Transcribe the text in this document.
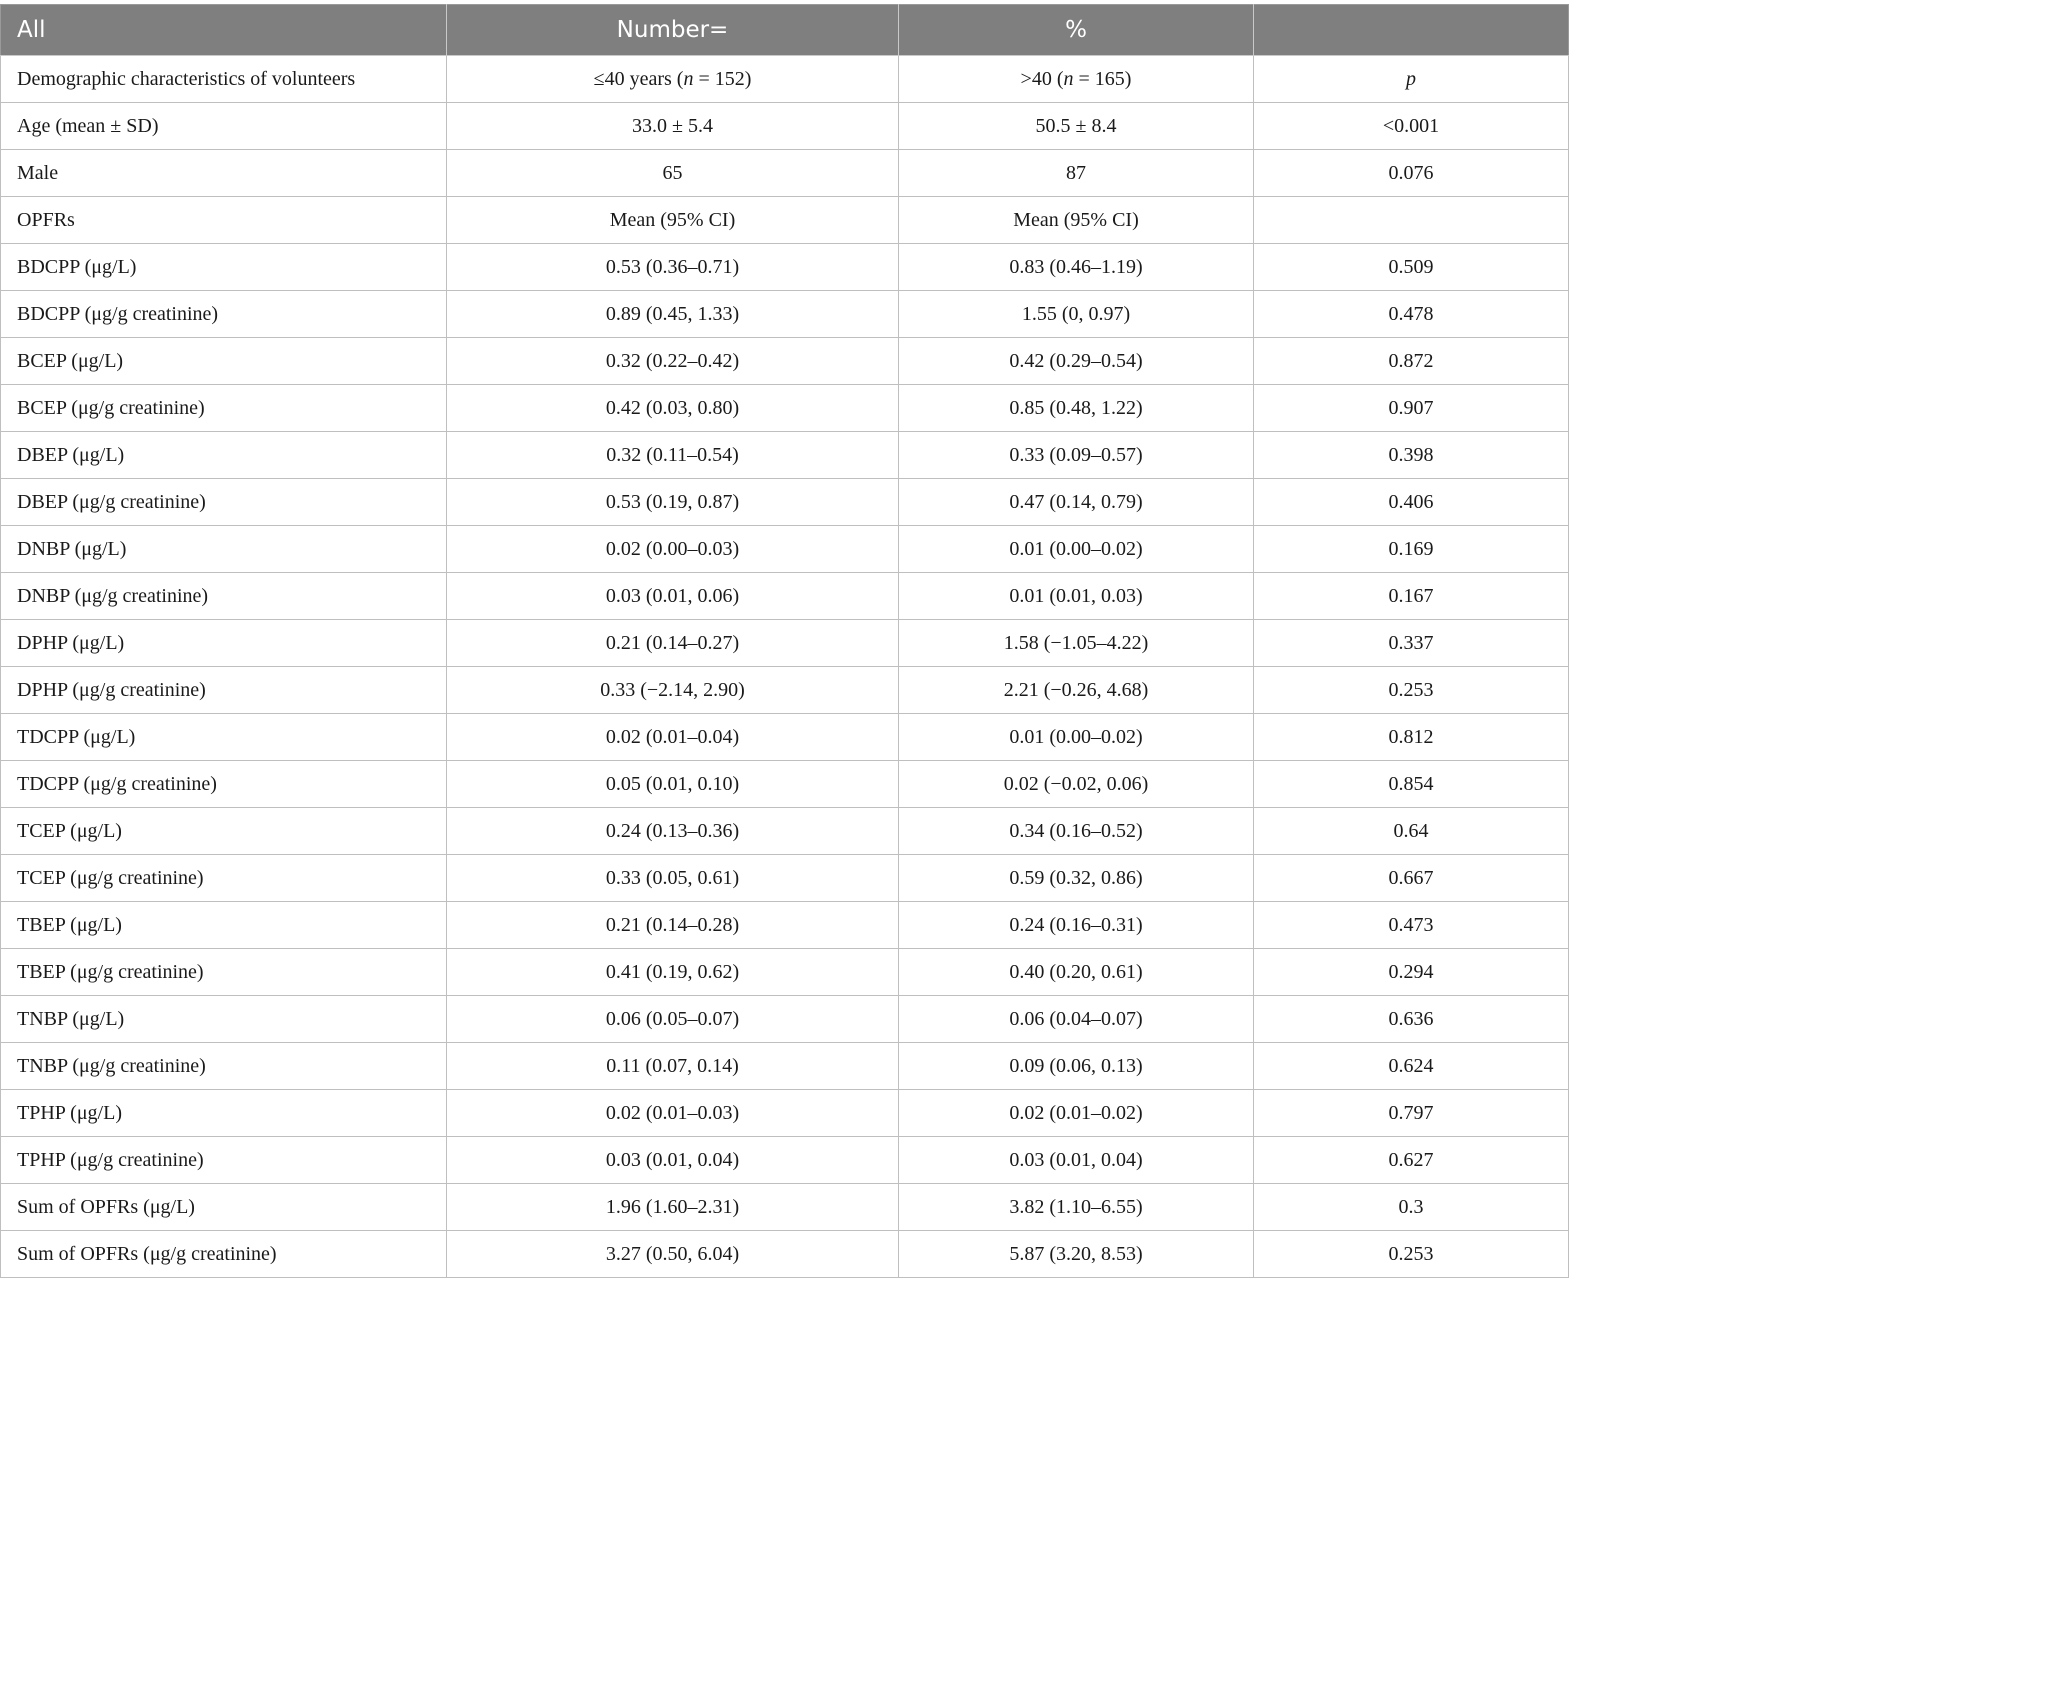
All	Number=	%	
Demographic characteristics of volunteers	≤40 years (n = 152)	>40 (n = 165)	p
Age (mean ± SD)	33.0 ± 5.4	50.5 ± 8.4	<0.001
Male	65	87	0.076
OPFRs	Mean (95% CI)	Mean (95% CI)	
BDCPP (μg/L)	0.53 (0.36–0.71)	0.83 (0.46–1.19)	0.509
BDCPP (μg/g creatinine)	0.89 (0.45, 1.33)	1.55 (0, 0.97)	0.478
BCEP (μg/L)	0.32 (0.22–0.42)	0.42 (0.29–0.54)	0.872
BCEP (μg/g creatinine)	0.42 (0.03, 0.80)	0.85 (0.48, 1.22)	0.907
DBEP (μg/L)	0.32 (0.11–0.54)	0.33 (0.09–0.57)	0.398
DBEP (μg/g creatinine)	0.53 (0.19, 0.87)	0.47 (0.14, 0.79)	0.406
DNBP (μg/L)	0.02 (0.00–0.03)	0.01 (0.00–0.02)	0.169
DNBP (μg/g creatinine)	0.03 (0.01, 0.06)	0.01 (0.01, 0.03)	0.167
DPHP (μg/L)	0.21 (0.14–0.27)	1.58 (−1.05–4.22)	0.337
DPHP (μg/g creatinine)	0.33 (−2.14, 2.90)	2.21 (−0.26, 4.68)	0.253
TDCPP (μg/L)	0.02 (0.01–0.04)	0.01 (0.00–0.02)	0.812
TDCPP (μg/g creatinine)	0.05 (0.01, 0.10)	0.02 (−0.02, 0.06)	0.854
TCEP (μg/L)	0.24 (0.13–0.36)	0.34 (0.16–0.52)	0.64
TCEP (μg/g creatinine)	0.33 (0.05, 0.61)	0.59 (0.32, 0.86)	0.667
TBEP (μg/L)	0.21 (0.14–0.28)	0.24 (0.16–0.31)	0.473
TBEP (μg/g creatinine)	0.41 (0.19, 0.62)	0.40 (0.20, 0.61)	0.294
TNBP (μg/L)	0.06 (0.05–0.07)	0.06 (0.04–0.07)	0.636
TNBP (μg/g creatinine)	0.11 (0.07, 0.14)	0.09 (0.06, 0.13)	0.624
TPHP (μg/L)	0.02 (0.01–0.03)	0.02 (0.01–0.02)	0.797
TPHP (μg/g creatinine)	0.03 (0.01, 0.04)	0.03 (0.01, 0.04)	0.627
Sum of OPFRs (μg/L)	1.96 (1.60–2.31)	3.82 (1.10–6.55)	0.3
Sum of OPFRs (μg/g creatinine)	3.27 (0.50, 6.04)	5.87 (3.20, 8.53)	0.253
